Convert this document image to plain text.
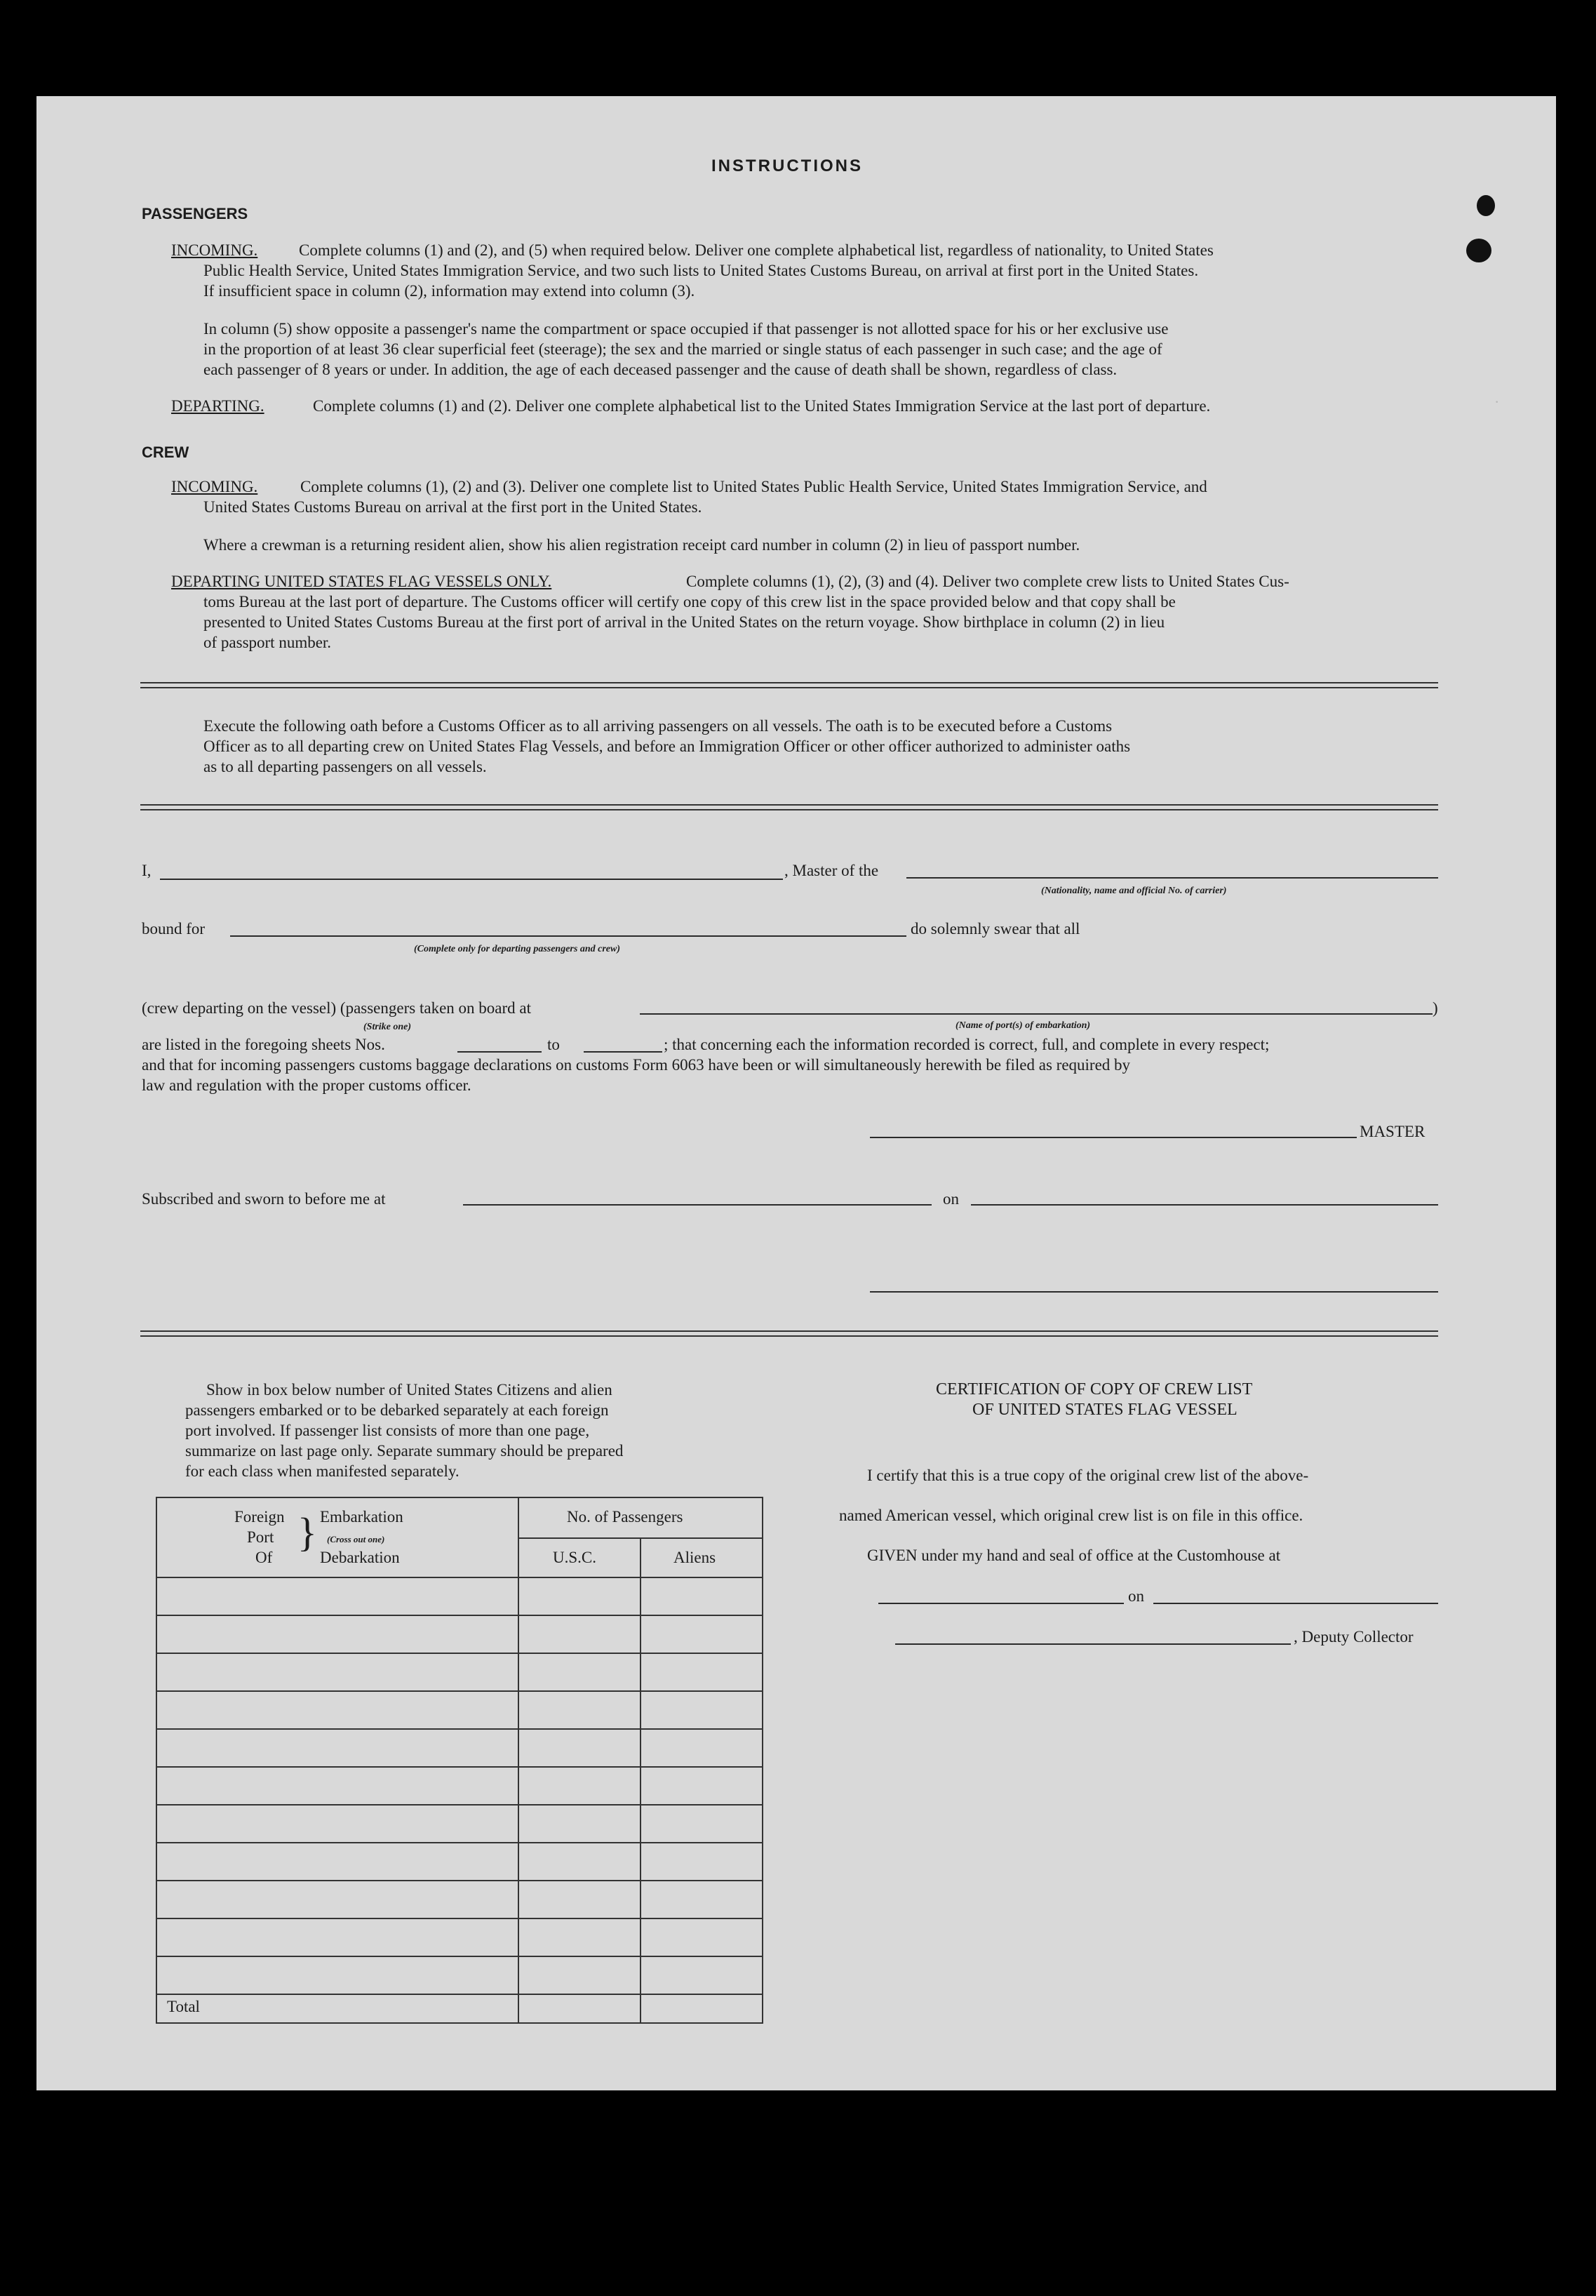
·
INSTRUCTIONS
PASSENGERS
INCOMING.	Complete columns (1) and (2), and (5) when required below. Deliver one complete alphabetical list, regardless of nationality, to United States
Public Health Service, United States Immigration Service, and two such lists to United States Customs Bureau, on arrival at first port in the United States.
If insufficient space in column (2), information may extend into column (3).
In column (5) show opposite a passenger's name the compartment or space occupied if that passenger is not allotted space for his or her exclusive use
in the proportion of at least 36 clear superficial feet (steerage); the sex and the married or single status of each passenger in such case; and the age of
each passenger of 8 years or under. In addition, the age of each deceased passenger and the cause of death shall be shown, regardless of class.
DEPARTING.	Complete columns (1) and (2). Deliver one complete alphabetical list to the United States Immigration Service at the last port of departure.
CREW
INCOMING.	Complete columns (1), (2) and (3). Deliver one complete list to United States Public Health Service, United States Immigration Service, and
United States Customs Bureau on arrival at the first port in the United States.
Where a crewman is a returning resident alien, show his alien registration receipt card number in column (2) in lieu of passport number.
DEPARTING UNITED STATES FLAG VESSELS ONLY.	Complete columns (1), (2), (3) and (4). Deliver two complete crew lists to United States Cus-
toms Bureau at the last port of departure. The Customs officer will certify one copy of this crew list in the space provided below and that copy shall be
presented to United States Customs Bureau at the first port of arrival in the United States on the return voyage. Show birthplace in column (2) in lieu
of passport number.
Execute the following oath before a Customs Officer as to all arriving passengers on all vessels. The oath is to be executed before a Customs
Officer as to all departing crew on United States Flag Vessels, and before an Immigration Officer or other officer authorized to administer oaths
as to all departing passengers on all vessels.
I,	, Master of the
(Nationality, name and official No. of carrier)
bound for
(Complete only for departing passengers and crew)
do solemnly swear that all
(crew departing on the vessel) (passengers taken on board at
(Strike one)	(Name of port(s) of embarkation)
)
are listed in the foregoing sheets Nos.	to	; that concerning each the information recorded is correct, full, and complete in every respect;
and that for incoming passengers customs baggage declarations on customs Form 6063 have been or will simultaneously herewith be filed as required by
law and regulation with the proper customs officer.
MASTER
Subscribed and sworn to before me at	on
Show in box below number of United States Citizens and alien
passengers embarked or to be debarked separately at each foreign
port involved. If passenger list consists of more than one page,
summarize on last page only. Separate summary should be prepared
for each class when manifested separately.
Foreign
Port
Of
} Embarkation
(Cross out one)
Debarkation
No. of Passengers
U.S.C.	Aliens
Total
CERTIFICATION OF COPY OF CREW LIST
OF UNITED STATES FLAG VESSEL
I certify that this is a true copy of the original crew list of the above-
named American vessel, which original crew list is on file in this office.
GIVEN under my hand and seal of office at the Customhouse at
on
, Deputy Collector
